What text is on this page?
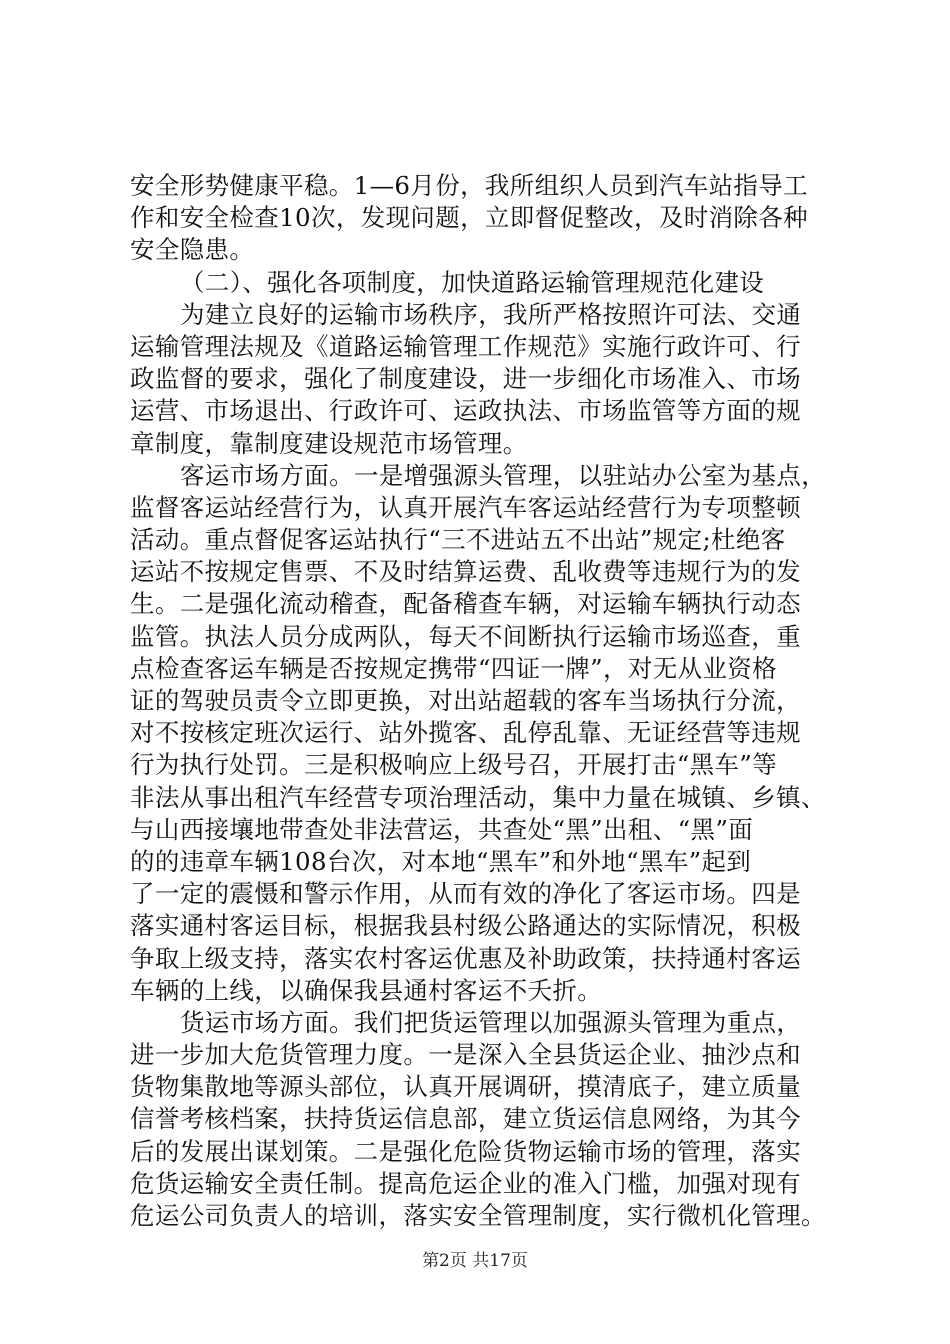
安全形势健康平稳。1—6月份，我所组织人员到汽车站指导工
作和安全检查10次，发现问题，立即督促整改，及时消除各种
安全隐患。
（二）、强化各项制度，加快道路运输管理规范化建设
为建立良好的运输市场秩序，我所严格按照许可法、交通
运输管理法规及《道路运输管理工作规范》实施行政许可、行
政监督的要求，强化了制度建设，进一步细化市场准入、市场
运营、市场退出、行政许可、运政执法、市场监管等方面的规
章制度，靠制度建设规范市场管理。
客运市场方面。一是增强源头管理，以驻站办公室为基点，
监督客运站经营行为，认真开展汽车客运站经营行为专项整顿
活动。重点督促客运站执行“三不进站五不出站”规定;杜绝客
运站不按规定售票、不及时结算运费、乱收费等违规行为的发
生。二是强化流动稽查，配备稽查车辆，对运输车辆执行动态
监管。执法人员分成两队，每天不间断执行运输市场巡查，重
点检查客运车辆是否按规定携带“四证一牌”，对无从业资格
证的驾驶员责令立即更换，对出站超载的客车当场执行分流，
对不按核定班次运行、站外揽客、乱停乱靠、无证经营等违规
行为执行处罚。三是积极响应上级号召，开展打击“黑车”等
非法从事出租汽车经营专项治理活动，集中力量在城镇、乡镇、
与山西接壤地带查处非法营运，共查处“黑”出租、“黑”面
的的违章车辆108台次，对本地“黑车”和外地“黑车”起到
了一定的震慑和警示作用，从而有效的净化了客运市场。四是
落实通村客运目标，根据我县村级公路通达的实际情况，积极
争取上级支持，落实农村客运优惠及补助政策，扶持通村客运
车辆的上线，以确保我县通村客运不夭折。
货运市场方面。我们把货运管理以加强源头管理为重点，
进一步加大危货管理力度。一是深入全县货运企业、抽沙点和
货物集散地等源头部位，认真开展调研，摸清底子，建立质量
信誉考核档案，扶持货运信息部，建立货运信息网络，为其今
后的发展出谋划策。二是强化危险货物运输市场的管理，落实
危货运输安全责任制。提高危运企业的准入门槛，加强对现有
危运公司负责人的培训，落实安全管理制度，实行微机化管理。
第2页 共17页
